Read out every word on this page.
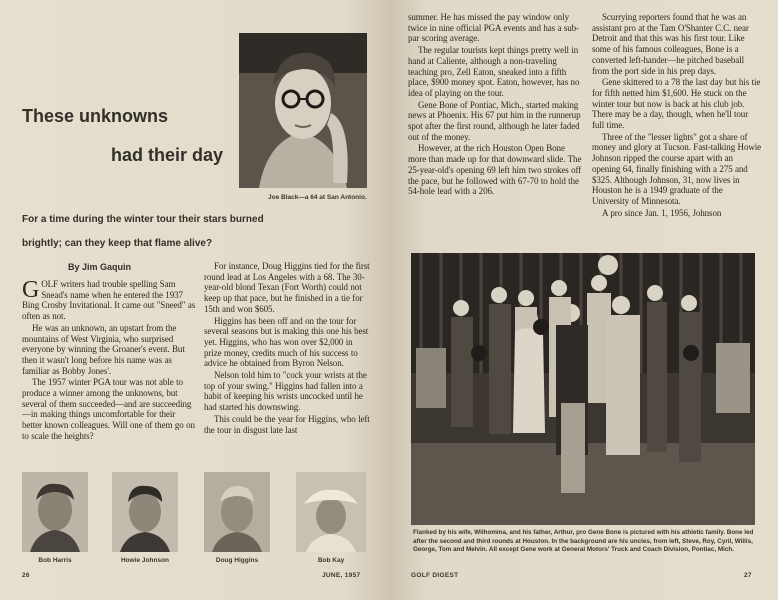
These unknowns
had their day
Joe Black—a 64 at San Antonio.
For a time during the winter tour their stars burned brightly; can they keep that flame alive?
By Jim Gaquin

GOLF writers had trouble spelling Sam Snead's name when he entered the 1937 Bing Crosby Invitational. It came out "Sneed" as often as not.

He was an unknown, an upstart from the mountains of West Virginia, who surprised everyone by winning the Groaner's event. But then it wasn't long before his name was as familiar as Bobby Jones'.

The 1957 winter PGA tour was not able to produce a winner among the unknowns, but several of them succeeded—and are succeeding—in making things uncomfortable for their better known colleagues. Will one of them go on to scale the heights?

For instance, Doug Higgins tied for the first round lead at Los Angeles with a 68. The 30-year-old blond Texan (Fort Worth) could not keep up that pace, but he finished in a tie for 15th and won $605.

Higgins has been off and on the tour for several seasons but is making this one his best yet. Higgins, who has won over $2,000 in prize money, credits much of his success to advice he obtained from Byron Nelson.

Nelson told him to "cock your wrists at the top of your swing." Higgins had fallen into a habit of keeping his wrists uncocked until he had started his downswing.

This could be the year for Higgins, who left the tour in disgust late last

Bob Harris	Howie Johnson	Doug Higgins	Bob Kay
26	JUNE, 1957

summer. He has missed the pay window only twice in nine official PGA events and has a sub-par scoring average.

The regular tourists kept things pretty well in hand at Caliente, although a non-traveling teaching pro, Zell Eaton, sneaked into a fifth place, $900 money spot. Eaton, however, has no idea of playing on the tour.

Gene Bone of Pontiac, Mich., started making news at Phoenix. His 67 put him in the runnerup spot after the first round, although he later faded out of the money.

However, at the rich Houston Open Bone more than made up for that downward slide. The 25-year-old's opening 69 left him two strokes off the pace, but he followed with 67-70 to hold the 54-hole lead with a 206.

Scurrying reporters found that he was an assistant pro at the Tam O'Shanter C.C. near Detroit and that this was his first tour. Like some of his famous colleagues, Bone is a converted left-hander—he pitched baseball from the port side in his prep days.

Gene skittered to a 78 the last day but his tie for fifth netted him $1,600. He stuck on the winter tour but now is back at his club job. There may be a day, though, when he'll tour full time.

Three of the "lesser lights" got a share of money and glory at Tucson. Fast-talking Howie Johnson ripped the course apart with an opening 64, finally finishing with a 275 and $325. Although Johnson, 31, now lives in Houston he is a 1949 graduate of the University of Minnesota.

A pro since Jan. 1, 1956, Johnson

Flanked by his wife, Wilhomina, and his father, Arthur, pro Gene Bone is pictured with his athletic family. Bone led after the second and third rounds at Houston. In the background are his uncles, from left, Steve, Roy, Cyril, Willis, George, Tom and Melvin. All except Gene work at General Motors' Truck and Coach Division, Pontiac, Mich.
GOLF DIGEST	27
